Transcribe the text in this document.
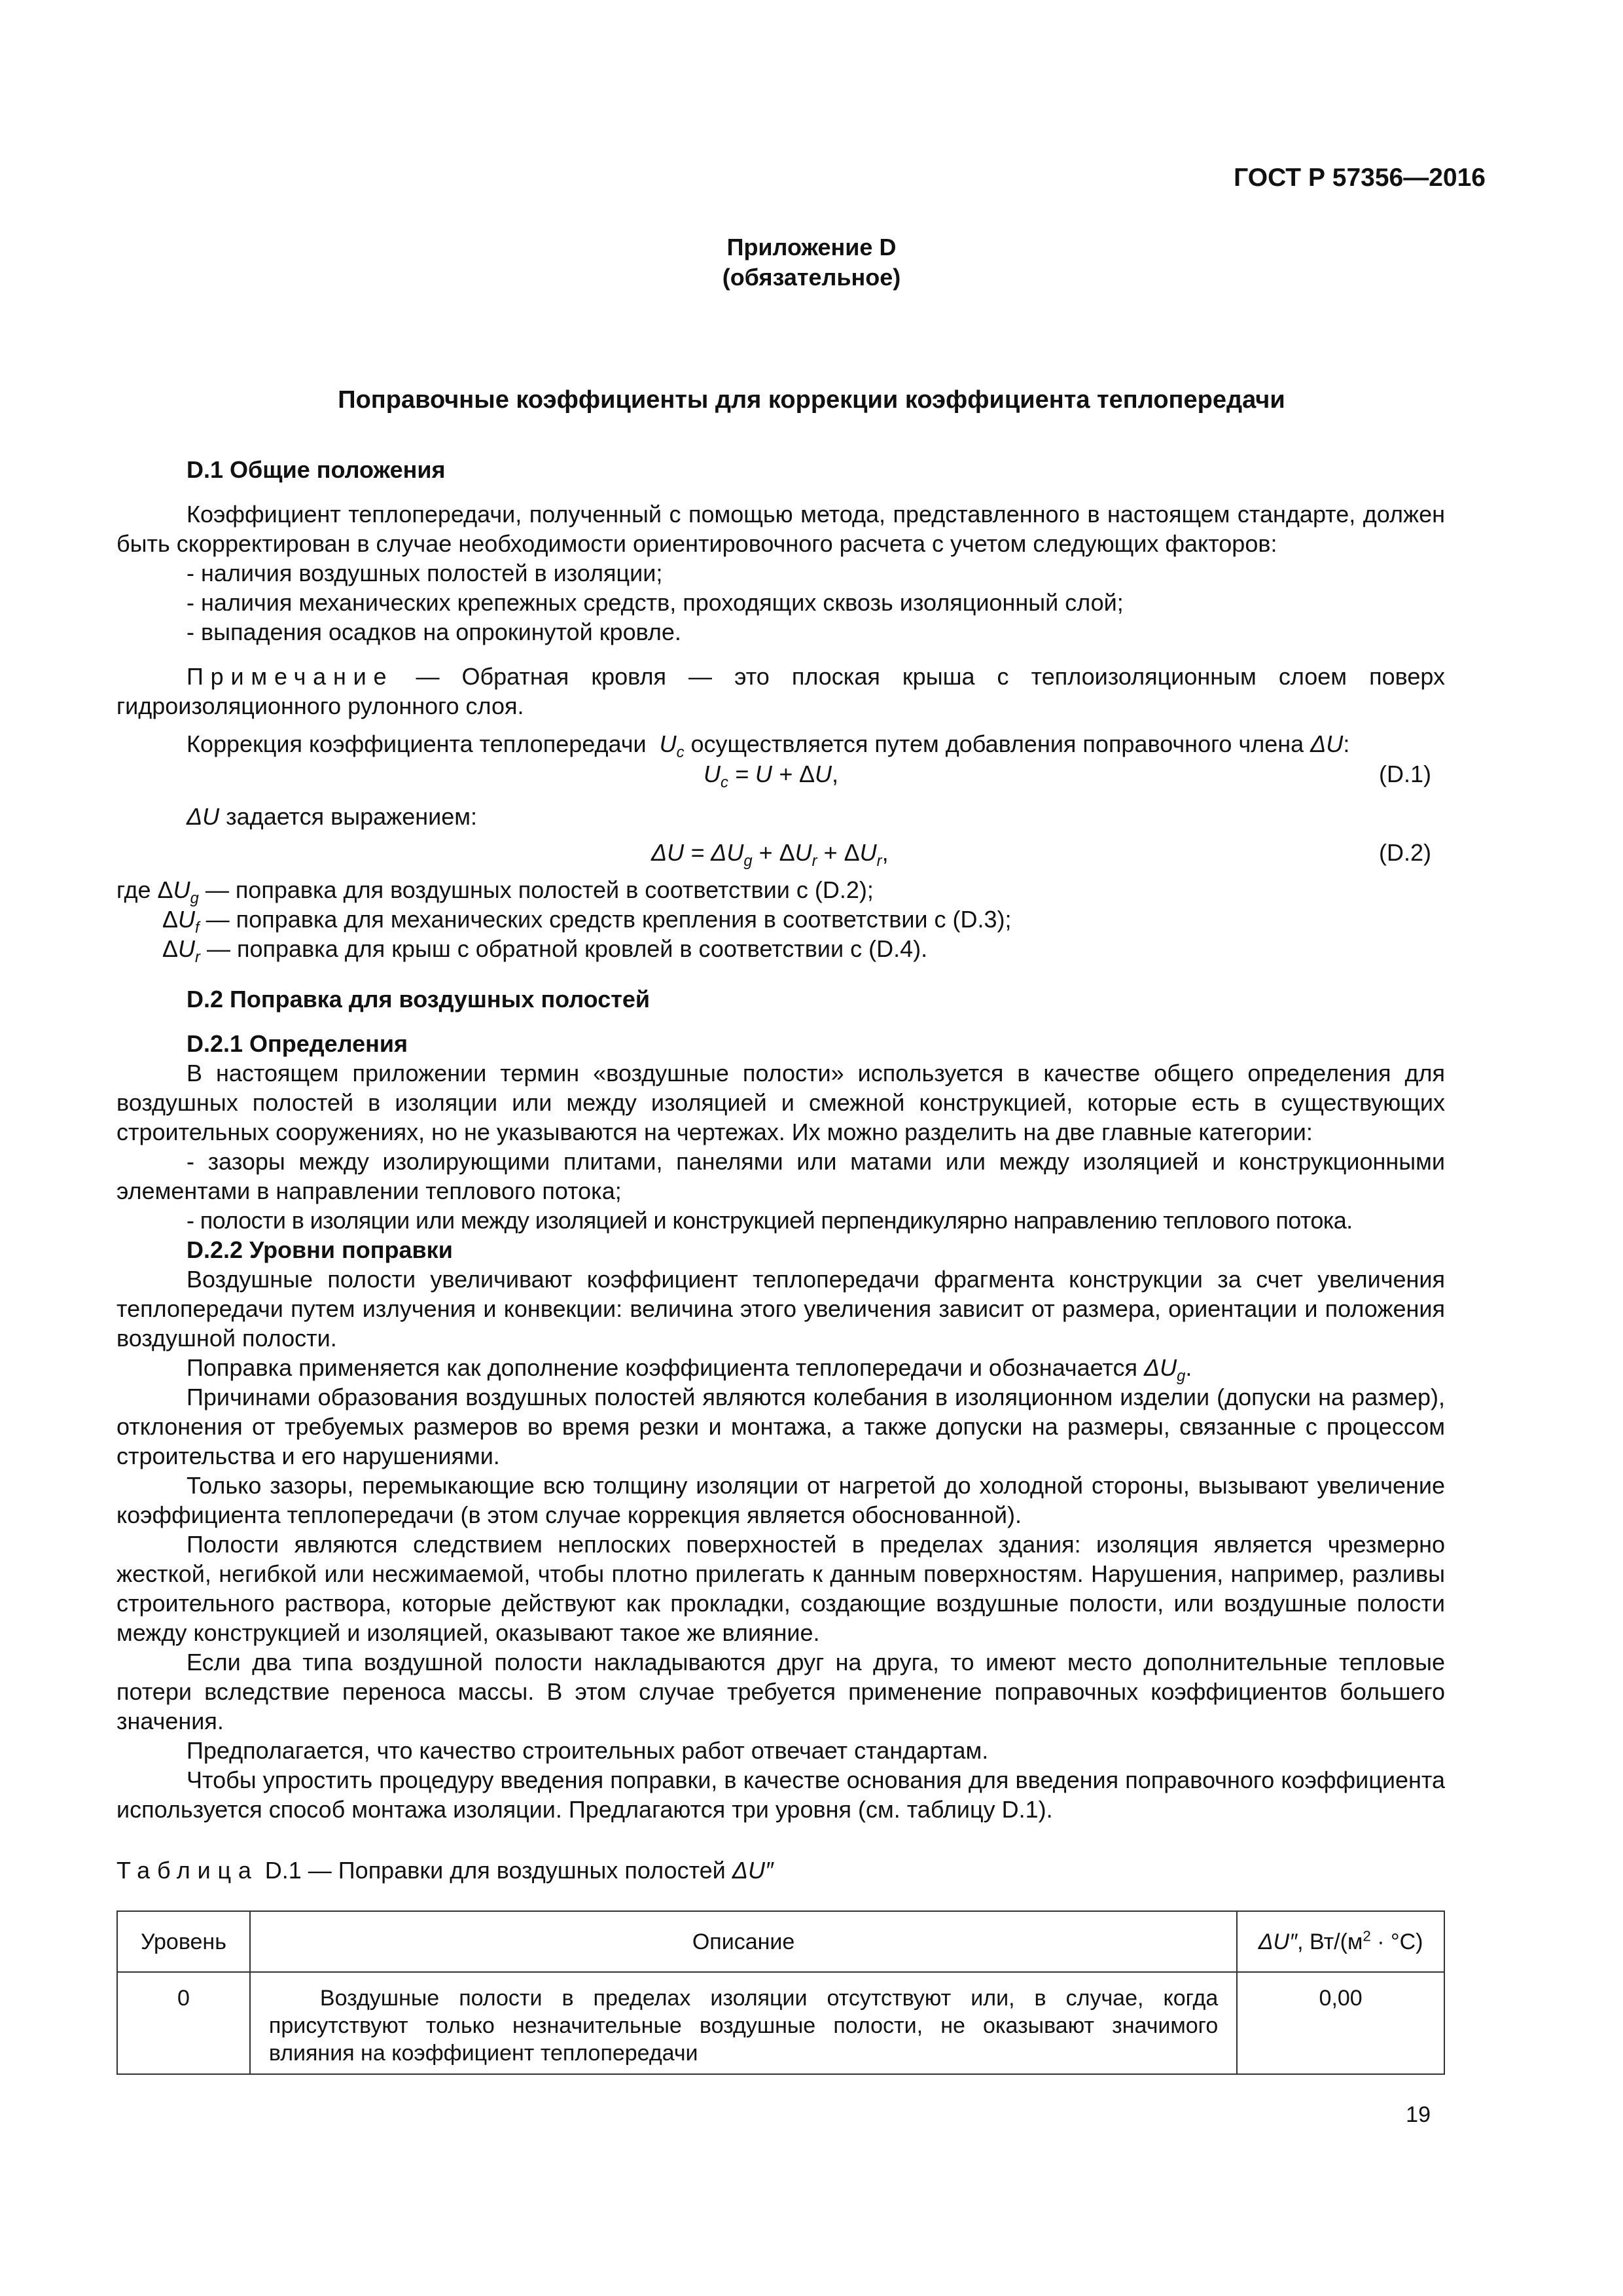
ГОСТ Р 57356—2016
Приложение D
(обязательное)
Поправочные коэффициенты для коррекции коэффициента теплопередачи
D.1 Общие положения

Коэффициент теплопередачи, полученный с помощью метода, представленного в настоящем стандарте, должен быть скорректирован в случае необходимости ориентировочного расчета с учетом следующих факторов:

- наличия воздушных полостей в изоляции;
- наличия механических крепежных средств, проходящих сквозь изоляционный слой;
- выпадения осадков на опрокинутой кровле.

Примечание — Обратная кровля — это плоская крыша с теплоизоляционным слоем поверх гидроизоляционного рулонного слоя.

Коррекция коэффициента теплопередачи $U_c$ осуществляется путем добавления поправочного члена ΔU:
$U_c = U + \Delta U$,	(D.1)
ΔU задается выражением:
$\Delta U = \Delta U_g + \Delta U_r + \Delta U_r$,	(D.2)
где $\Delta U_g$ — поправка для воздушных полостей в соответствии с (D.2);
$\Delta U_f$ — поправка для механических средств крепления в соответствии с (D.3);
$\Delta U_r$ — поправка для крыш с обратной кровлей в соответствии с (D.4).
D.2 Поправка для воздушных полостей
D.2.1 Определения

В настоящем приложении термин «воздушные полости» используется в качестве общего определения для воздушных полостей в изоляции или между изоляцией и смежной конструкцией, которые есть в существующих строительных сооружениях, но не указываются на чертежах. Их можно разделить на две главные категории:

- зазоры между изолирующими плитами, панелями или матами или между изоляцией и конструкционными элементами в направлении теплового потока;

- полости в изоляции или между изоляцией и конструкцией перпендикулярно направлению теплового потока.
D.2.2 Уровни поправки

Воздушные полости увеличивают коэффициент теплопередачи фрагмента конструкции за счет увеличения теплопередачи путем излучения и конвекции: величина этого увеличения зависит от размера, ориентации и положения воздушной полости.

Поправка применяется как дополнение коэффициента теплопередачи и обозначается $\Delta U_g$.

Причинами образования воздушных полостей являются колебания в изоляционном изделии (допуски на размер), отклонения от требуемых размеров во время резки и монтажа, а также допуски на размеры, связанные с процессом строительства и его нарушениями.

Только зазоры, перемыкающие всю толщину изоляции от нагретой до холодной стороны, вызывают увеличение коэффициента теплопередачи (в этом случае коррекция является обоснованной).

Полости являются следствием неплоских поверхностей в пределах здания: изоляция является чрезмерно жесткой, негибкой или несжимаемой, чтобы плотно прилегать к данным поверхностям. Нарушения, например, разливы строительного раствора, которые действуют как прокладки, создающие воздушные полости, или воздушные полости между конструкцией и изоляцией, оказывают такое же влияние.

Если два типа воздушной полости накладываются друг на друга, то имеют место дополнительные тепловые потери вследствие переноса массы. В этом случае требуется применение поправочных коэффициентов большего значения.

Предполагается, что качество строительных работ отвечает стандартам.

Чтобы упростить процедуру введения поправки, в качестве основания для введения поправочного коэффициента используется способ монтажа изоляции. Предлагаются три уровня (см. таблицу D.1).

Таблица D.1 — Поправки для воздушных полостей ΔU″
Уровень	Описание	ΔU″, $Вт/(м^2 \cdot ^\circ С)$
0	Воздушные полости в пределах изоляции отсутствуют или, в случае, когда присутствуют только незначительные воздушные полости, не оказывают значимого влияния на коэффициент теплопередачи	0,00
19
